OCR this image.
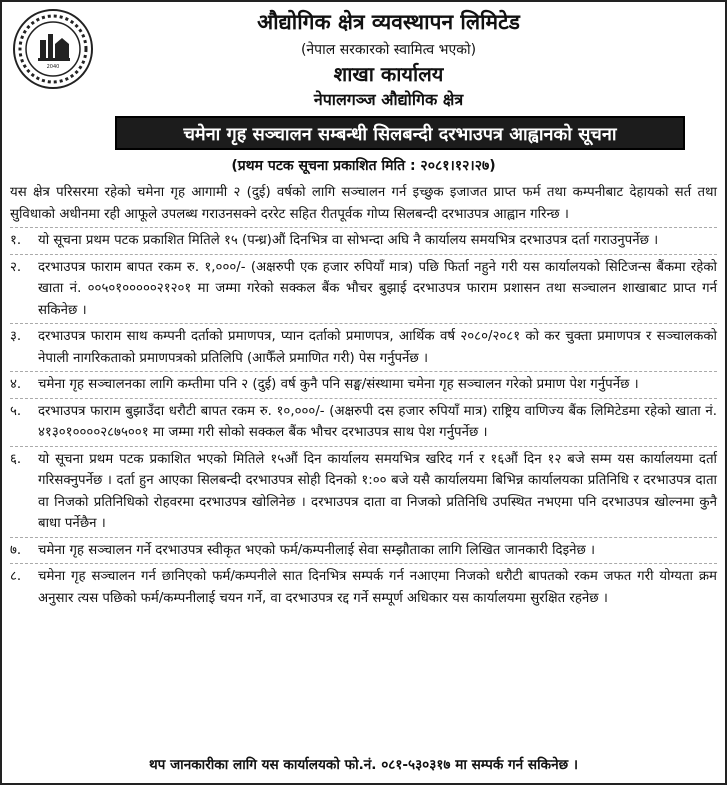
2040
औद्योगिक क्षेत्र व्यवस्थापन लिमिटेड
(नेपाल सरकारको स्वामित्व भएको)
शाखा कार्यालय
नेपालगञ्ज औद्योगिक क्षेत्र
चमेना गृह सञ्चालन सम्बन्धी सिलबन्दी दरभाउपत्र आह्वानको सूचना
(प्रथम पटक सूचना प्रकाशित मिति : २०८१।१२।२७)

यस क्षेत्र परिसरमा रहेको चमेना गृह आगामी २ (दुई) वर्षको लागि सञ्चालन गर्न इच्छुक इजाजत प्राप्त फर्म तथा कम्पनीबाट देहायको सर्त तथा सुविधाको अधीनमा रही आफूले उपलब्ध गराउनसक्ने दररेट सहित रीतपूर्वक गोप्य सिलबन्दी दरभाउपत्र आह्वान गरिन्छ ।

१.	यो सूचना प्रथम पटक प्रकाशित मितिले १५ (पन्ध्र)औं दिनभित्र वा सोभन्दा अघि नै कार्यालय समयभित्र दरभाउपत्र दर्ता गराउनुपर्नेछ ।
२.	दरभाउपत्र फाराम बापत रकम रु. १,०००/- (अक्षरुपी एक हजार रुपियाँ मात्र) पछि फिर्ता नहुने गरी यस कार्यालयको सिटिजन्स बैंकमा रहेको खाता नं. ००५०१०००००२१२०१ मा जम्मा गरेको सक्कल बैंक भौचर बुझाई दरभाउपत्र फाराम प्रशासन तथा सञ्चालन शाखाबाट प्राप्त गर्न सकिनेछ ।
३.	दरभाउपत्र फाराम साथ कम्पनी दर्ताको प्रमाणपत्र, प्यान दर्ताको प्रमाणपत्र, आर्थिक वर्ष २०८०/२०८१ को कर चुक्ता प्रमाणपत्र र सञ्चालकको नेपाली नागरिकताको प्रमाणपत्रको प्रतिलिपि (आफैँले प्रमाणित गरी) पेस गर्नुपर्नेछ ।
४.	चमेना गृह सञ्चालनका लागि कम्तीमा पनि २ (दुई) वर्ष कुनै पनि सङ्घ/संस्थामा चमेना गृह सञ्चालन गरेको प्रमाण पेश गर्नुपर्नेछ ।
५.	दरभाउपत्र फाराम बुझाउँदा धरौटी बापत रकम रु. १०,०००/- (अक्षरुपी दस हजार रुपियाँ मात्र) राष्ट्रिय वाणिज्य बैंक लिमिटेडमा रहेको खाता नं. ४१३०१००००२८७५००१ मा जम्मा गरी सोको सक्कल बैंक भौचर दरभाउपत्र साथ पेश गर्नुपर्नेछ ।
६.	यो सूचना प्रथम पटक प्रकाशित भएको मितिले १५औं दिन कार्यालय समयभित्र खरिद गर्न र १६औं दिन १२ बजे सम्म यस कार्यालयमा दर्ता गरिसक्नुपर्नेछ । दर्ता हुन आएका सिलबन्दी दरभाउपत्र सोही दिनको १:०० बजे यसै कार्यालयमा बिभिन्न कार्यालयका प्रतिनिधि र दरभाउपत्र दाता वा निजको प्रतिनिधिको रोहवरमा दरभाउपत्र खोलिनेछ । दरभाउपत्र दाता वा निजको प्रतिनिधि उपस्थित नभएमा पनि दरभाउपत्र खोल्नमा कुनै बाधा पर्नेछैन ।
७.	चमेना गृह सञ्चालन गर्ने दरभाउपत्र स्वीकृत भएको फर्म/कम्पनीलाई सेवा सम्झौताका लागि लिखित जानकारी दिइनेछ ।
८.	चमेना गृह सञ्चालन गर्न छानिएको फर्म/कम्पनीले सात दिनभित्र सम्पर्क गर्न नआएमा निजको धरौटी बापतको रकम जफत गरी योग्यता क्रम अनुसार त्यस पछिको फर्म/कम्पनीलाई चयन गर्ने, वा दरभाउपत्र रद्द गर्ने सम्पूर्ण अधिकार यस कार्यालयमा सुरक्षित रहनेछ ।
थप जानकारीका लागि यस कार्यालयको फो.नं. ०८१-५३०३१७ मा सम्पर्क गर्न सकिनेछ ।
